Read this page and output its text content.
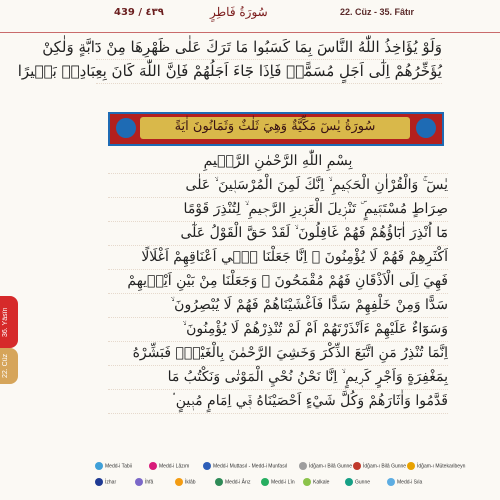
439 / ٤٣٩	سُورَةُ فَاطِرٍ	22. Cüz - 35. Fâtır
36. Yâsîn
22. Cüz
وَلَوْ يُؤَاخِذُ اللّٰهُ النَّاسَ بِمَا كَسَبُوا مَا تَرَكَ عَلٰى ظَهْرِهَا مِنْ دَٓابَّةٍ وَلٰكِنْ
يُؤَخِّرُهُمْ اِلٰٓى اَجَلٍ مُسَمًّىۚ فَاِذَا جَٓاءَ اَجَلُهُمْ فَاِنَّ اللّٰهَ كَانَ بِعِبَادِهٖ بَصٖيرًا
سُورَةُ يٰسٓ مَكِّيَّةٌ وَهِيَ ثَلٰثٌ وَثَمَانُونَ اٰيَةً
بِسْمِ اللّٰهِ الرَّحْمٰنِ الرَّحٖيمِ
يٰسٓ ۚ وَالْقُرْاٰنِ الْحَكٖيمِ ۙ اِنَّكَ لَمِنَ الْمُرْسَلٖينَ ۙ عَلٰى
صِرَاطٍ مُسْتَقٖيمٍ ۜ تَنْزٖيلَ الْعَزٖيزِ الرَّحٖيمِ ۙ لِتُنْذِرَ قَوْمًا
مَٓا اُنْذِرَ اٰبَٓاؤُهُمْ فَهُمْ غَافِلُونَ ۙ لَقَدْ حَقَّ الْقَوْلُ عَلٰٓى
اَكْثَرِهِمْ فَهُمْ لَا يُؤْمِنُونَ ۙ اِنَّا جَعَلْنَا فٖٓي اَعْنَاقِهِمْ اَغْلَالًا
فَهِيَ اِلَى الْاَذْقَانِ فَهُمْ مُقْمَحُونَ ۙ وَجَعَلْنَا مِنْ بَيْنِ اَيْدٖيهِمْ
سَدًّا وَمِنْ خَلْفِهِمْ سَدًّا فَاَغْشَيْنَاهُمْ فَهُمْ لَا يُبْصِرُونَ ۙ
وَسَوَٓاءٌ عَلَيْهِمْ ءَاَنْذَرْتَهُمْ اَمْ لَمْ تُنْذِرْهُمْ لَا يُؤْمِنُونَ ۙ
اِنَّمَا تُنْذِرُ مَنِ اتَّبَعَ الذِّكْرَ وَخَشِيَ الرَّحْمٰنَ بِالْغَيْبِۚ فَبَشِّرْهُ
بِمَغْفِرَةٍ وَاَجْرٍ كَرٖيمٍ ۙ اِنَّا نَحْنُ نُحْيِ الْمَوْتٰى وَنَكْتُبُ مَا
قَدَّمُوا وَاٰثَارَهُمْ وَكُلَّ شَيْءٍ اَحْصَيْنَاهُ فٖٓي اِمَامٍ مُبٖينٍ ۟
Medd-i Tabii	Medd-i Lâzım	Medd-i Muttasıl - Medd-i Munfasıl	İdğam-ı Bilâ Gunne	İdğam-ı Bilâ Gunne	İdğam-ı Mütekaribeyn
İzhar	İhfâ	İklâb	Medd-i Ârız	Medd-i Lîn	Kalkale	Gunne	Medd-i Sıla
